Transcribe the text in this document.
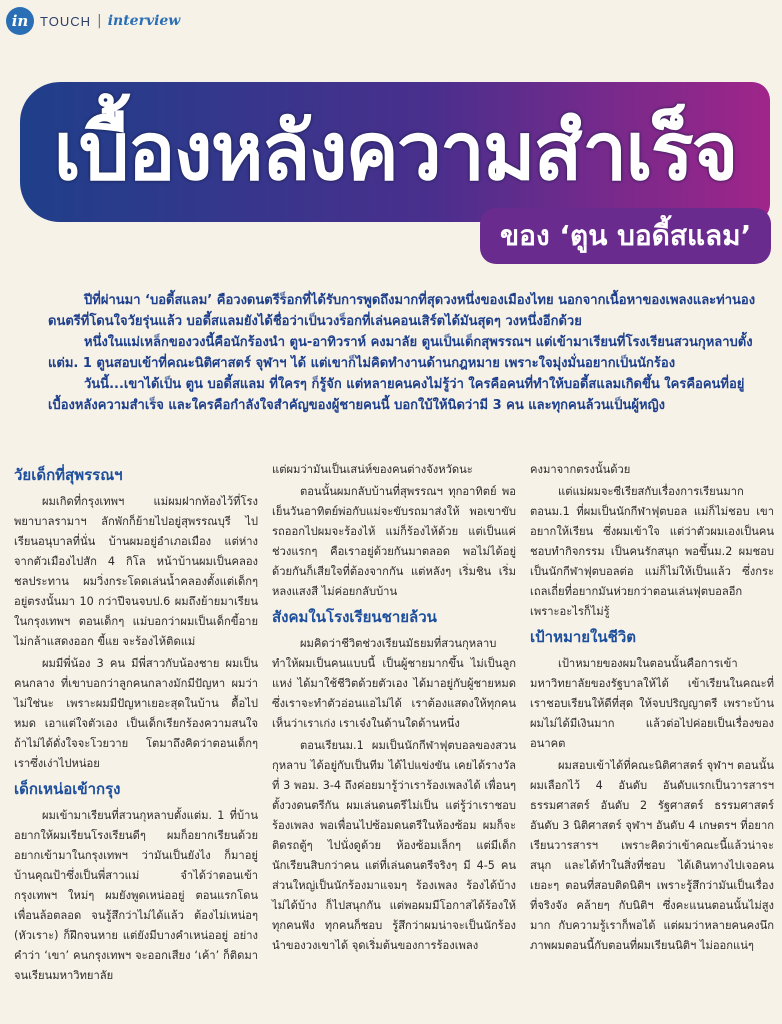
in TOUCH | interview
เบื้องหลังความสำเร็จ
ของ ‘ตูน บอดี้สแลม’

ปีที่ผ่านมา ‘บอดี้สแลม’ คือวงดนตรีร็อกที่ได้รับการพูดถึงมากที่สุดวงหนึ่งของเมืองไทย นอกจากเนื้อหาของเพลงและท่านองดนตรีที่โดนใจวัยรุ่นแล้ว บอดี้สแลมยังได้ชื่อว่าเป็นวงร็อกที่เล่นคอนเสิร์ตได้มันสุดๆ วงหนึ่งอีกด้วย

หนึ่งในแม่เหล็กของวงนี้คือนักร้องนำ ตูน-อาทิวราห์ คงมาลัย ตูนเป็นเด็กสุพรรณฯ แต่เข้ามาเรียนที่โรงเรียนสวนกุหลาบตั้งแต่ม. 1 ตูนสอบเข้าที่คณะนิติศาสตร์ จุฬาฯ ได้ แต่เขาก็ไม่คิดทำงานด้านกฎหมาย เพราะใจมุ่งมั่นอยากเป็นนักร้อง

วันนี้...เขาได้เป็น ตูน บอดี้สแลม ที่ใครๆ ก็รู้จัก แต่หลายคนคงไม่รู้ว่า ใครคือคนที่ทำให้บอดี้สแลมเกิดขึ้น ใครคือคนที่อยู่เบื้องหลังความสำเร็จ และใครคือกำลังใจสำคัญของผู้ชายคนนี้ บอกใบ้ให้นิดว่ามี 3 คน และทุกคนล้วนเป็นผู้หญิง

วัยเด็กที่สุพรรณฯ

ผมเกิดที่กรุงเทพฯ แม่ผมฝากท้องไว้ที่โรงพยาบาลรามาฯ ลักพักก็ย้ายไปอยู่สุพรรณบุรี ไปเรียนอนุบาลที่นั่น บ้านผมอยู่อำเภอเมือง แต่ห่างจากตัวเมืองไปสัก 4 กิโล หน้าบ้านผมเป็นคลองชลประทาน ผมวิ่งกระโดดเล่นน้ำคลองตั้งแต่เด็กๆ อยู่ตรงนั้นมา 10 กว่าปีจนจบป.6 ผมถึงย้ายมาเรียนในกรุงเทพฯ ตอนเด็กๆ แม่บอกว่าผมเป็นเด็กขี้อาย ไม่กล้าแสดงออก ขี้แย จะร้องไห้ติดแม่

ผมมีพี่น้อง 3 คน มีพี่สาวกับน้องชาย ผมเป็นคนกลาง ที่เขาบอกว่าลูกคนกลางมักมีปัญหา ผมว่าไม่ใช่นะ เพราะผมมีปัญหาเยอะสุดในบ้าน ดื้อไปหมด เอาแต่ใจตัวเอง เป็นเด็กเรียกร้องความสนใจ ถ้าไม่ได้ดั่งใจจะโวยวาย โตมาถึงคิดว่าตอนเด็กๆ เราซึ่งเง่าไปหน่อย

เด็กเหน่อเข้ากรุง

ผมเข้ามาเรียนที่สวนกุหลาบตั้งแต่ม. 1 ที่บ้านอยากให้ผมเรียนโรงเรียนดีๆ ผมก็อยากเรียนด้วย อยากเข้ามาในกรุงเทพฯ ว่ามันเป็นยังไง ก็มาอยู่บ้านคุณป้าซึ่งเป็นพี่สาวแม่ จำได้ว่าตอนเข้ากรุงเทพฯ ใหม่ๆ ผมยังพูดเหน่ออยู่ ตอนแรกโดนเพื่อนล้อตลอด จนรู้สึกว่าไม่ได้แล้ว ต้องไม่เหน่อๆ (หัวเราะ) ก็ฝึกจนหาย แต่ยังมีบางคำเหน่ออยู่ อย่างคำว่า ‘เขา’ คนกรุงเทพฯ จะออกเสียง ‘เค้า’ ก็ติดมาจนเรียนมหาวิทยาลัย

แต่ผมว่ามันเป็นเสน่ห์ของคนต่างจังหวัดนะ

ตอนนั้นผมกลับบ้านที่สุพรรณฯ ทุกอาทิตย์ พอเย็นวันอาทิตย์พ่อกับแม่จะขับรถมาส่งให้ พอเขาขับรถออกไปผมจะร้องไห้ แม่ก็ร้องไห้ด้วย แต่เป็นแค่ช่วงแรกๆ คือเราอยู่ด้วยกันมาตลอด พอไม่ได้อยู่ด้วยกันก็เสียใจที่ต้องจากกัน แต่หลังๆ เริ่มชิน เริ่มหลงแสงสี ไม่ค่อยกลับบ้าน

สังคมในโรงเรียนชายล้วน

ผมคิดว่าชีวิตช่วงเรียนมัธยมที่สวนกุหลาบทำให้ผมเป็นคนแบบนี้ เป็นผู้ชายมากขึ้น ไม่เป็นลูกแหง่ ได้มาใช้ชีวิตด้วยตัวเอง ได้มาอยู่กับผู้ชายหมด ซึ่งเราจะทำตัวอ่อนแอไม่ได้ เราต้องแสดงให้ทุกคนเห็นว่าเราเก่ง เราเจ๋งในด้านใดด้านหนึ่ง

ตอนเรียนม.1 ผมเป็นนักกีฬาฟุตบอลของสวนกุหลาบ ได้อยู่กับเป็นทีม ได้ไปแข่งขัน เคยได้รางวัลที่ 3 พอม. 3-4 ถึงค่อยมารู้ว่าเราร้องเพลงได้ เพื่อนๆ ตั้งวงดนตรีกัน ผมเล่นดนตรีไม่เป็น แต่รู้ว่าเราชอบร้องเพลง พอเพื่อนไปซ้อมดนตรีในห้องซ้อม ผมก็จะติดรถตู้ๆ ไปนั่งดูด้วย ห้องซ้อมเล็กๆ แต่มีเด็กนักเรียนสิบกว่าคน แต่ที่เล่นดนตรีจริงๆ มี 4-5 คน ส่วนใหญ่เป็นนักร้องมาแจมๆ ร้องเพลง ร้องได้บ้างไม่ได้บ้าง ก็ไปสนุกกัน แต่พอผมมีโอกาสได้ร้องให้ทุกคนฟัง ทุกคนก็ชอบ รู้สึกว่าผมน่าจะเป็นนักร้องนำของวงเขาได้ จุดเริ่มต้นของการร้องเพลง

คงมาจากตรงนั้นด้วย

แต่แม่ผมจะซีเรียสกับเรื่องการเรียนมาก ตอนม.1 ที่ผมเป็นนักกีฬาฟุตบอล แม่ก็ไม่ชอบ เขาอยากให้เรียน ซึ่งผมเข้าใจ แต่ว่าตัวผมเองเป็นคนชอบทำกิจกรรม เป็นคนรักสนุก พอขึ้นม.2 ผมชอบเป็นนักกีฬาฟุตบอลต่อ แม่ก็ไม่ให้เป็นแล้ว ซึ่งกระเถลเถี่ยที่อยากมันห่วยกว่าตอนเล่นฟุตบอลอีก เพราะอะไรก็ไม่รู้

เป้าหมายในชีวิต

เป้าหมายของผมในตอนนั้นคือการเข้ามหาวิทยาลัยของรัฐบาลให้ได้ เข้าเรียนในคณะที่เราชอบเรียนให้ดีที่สุด ให้จบปริญญาตรี เพราะบ้านผมไม่ได้มีเงินมาก แล้วต่อไปค่อยเป็นเรื่องของอนาคต

ผมสอบเข้าได้ที่คณะนิติศาสตร์ จุฬาฯ ตอนนั้นผมเลือกไว้ 4 อันดับ อันดับแรกเป็นวารสารฯ ธรรมศาสตร์ อันดับ 2 รัฐศาสตร์ ธรรมศาสตร์ อันดับ 3 นิติศาสตร์ จุฬาฯ อันดับ 4 เกษตรฯ ที่อยากเรียนวารสารฯ เพราะคิดว่าเข้าคณะนี้แล้วน่าจะสนุก และได้ทำในสิ่งที่ชอบ ได้เดินทางไปเจอคนเยอะๆ ตอนที่สอบติดนิติฯ เพราะรู้สึกว่ามันเป็นเรื่องที่จริงจัง คล้ายๆ กับนิติฯ ซึ่งคะแนนตอนนั้นไม่สูงมาก กับความรู้เราก็พอได้ แต่ผมว่าหลายคนคงนึกภาพผมตอนนี้กับตอนที่ผมเรียนนิติฯ ไม่ออกแน่ๆ
